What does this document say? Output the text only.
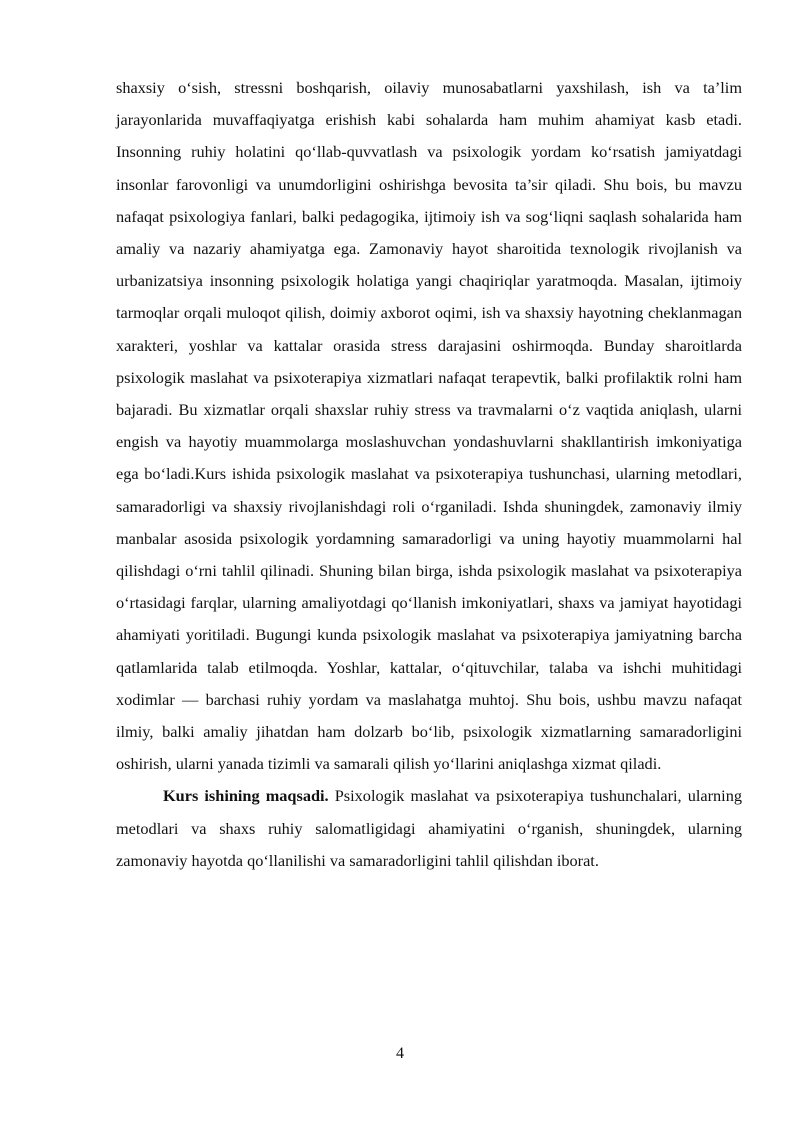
shaxsiy o‘sish, stressni boshqarish, oilaviy munosabatlarni yaxshilash, ish va ta’lim jarayonlarida muvaffaqiyatga erishish kabi sohalarda ham muhim ahamiyat kasb etadi. Insonning ruhiy holatini qo‘llab-quvvatlash va psixologik yordam ko‘rsatish jamiyatdagi insonlar farovonligi va unumdorligini oshirishga bevosita ta’sir qiladi. Shu bois, bu mavzu nafaqat psixologiya fanlari, balki pedagogika, ijtimoiy ish va sog‘liqni saqlash sohalarida ham amaliy va nazariy ahamiyatga ega. Zamonaviy hayot sharoitida texnologik rivojlanish va urbanizatsiya insonning psixologik holatiga yangi chaqiriqlar yaratmoqda. Masalan, ijtimoiy tarmoqlar orqali muloqot qilish, doimiy axborot oqimi, ish va shaxsiy hayotning cheklanmagan xarakteri, yoshlar va kattalar orasida stress darajasini oshirmoqda. Bunday sharoitlarda psixologik maslahat va psixoterapiya xizmatlari nafaqat terapevtik, balki profilaktik rolni ham bajaradi. Bu xizmatlar orqali shaxslar ruhiy stress va travmalarni o‘z vaqtida aniqlash, ularni engish va hayotiy muammolarga moslashuvchan yondashuvlarni shakllantirish imkoniyatiga ega bo‘ladi.Kurs ishida psixologik maslahat va psixoterapiya tushunchasi, ularning metodlari, samaradorligi va shaxsiy rivojlanishdagi roli o‘rganiladi. Ishda shuningdek, zamonaviy ilmiy manbalar asosida psixologik yordamning samaradorligi va uning hayotiy muammolarni hal qilishdagi o‘rni tahlil qilinadi. Shuning bilan birga, ishda psixologik maslahat va psixoterapiya o‘rtasidagi farqlar, ularning amaliyotdagi qo‘llanish imkoniyatlari, shaxs va jamiyat hayotidagi ahamiyati yoritiladi. Bugungi kunda psixologik maslahat va psixoterapiya jamiyatning barcha qatlamlarida talab etilmoqda. Yoshlar, kattalar, o‘qituvchilar, talaba va ishchi muhitidagi xodimlar — barchasi ruhiy yordam va maslahatga muhtoj. Shu bois, ushbu mavzu nafaqat ilmiy, balki amaliy jihatdan ham dolzarb bo‘lib, psixologik xizmatlarning samaradorligini oshirish, ularni yanada tizimli va samarali qilish yo‘llarini aniqlashga xizmat qiladi.

Kurs ishining maqsadi. Psixologik maslahat va psixoterapiya tushunchalari, ularning metodlari va shaxs ruhiy salomatligidagi ahamiyatini o‘rganish, shuningdek, ularning zamonaviy hayotda qo‘llanilishi va samaradorligini tahlil qilishdan iborat.

4
